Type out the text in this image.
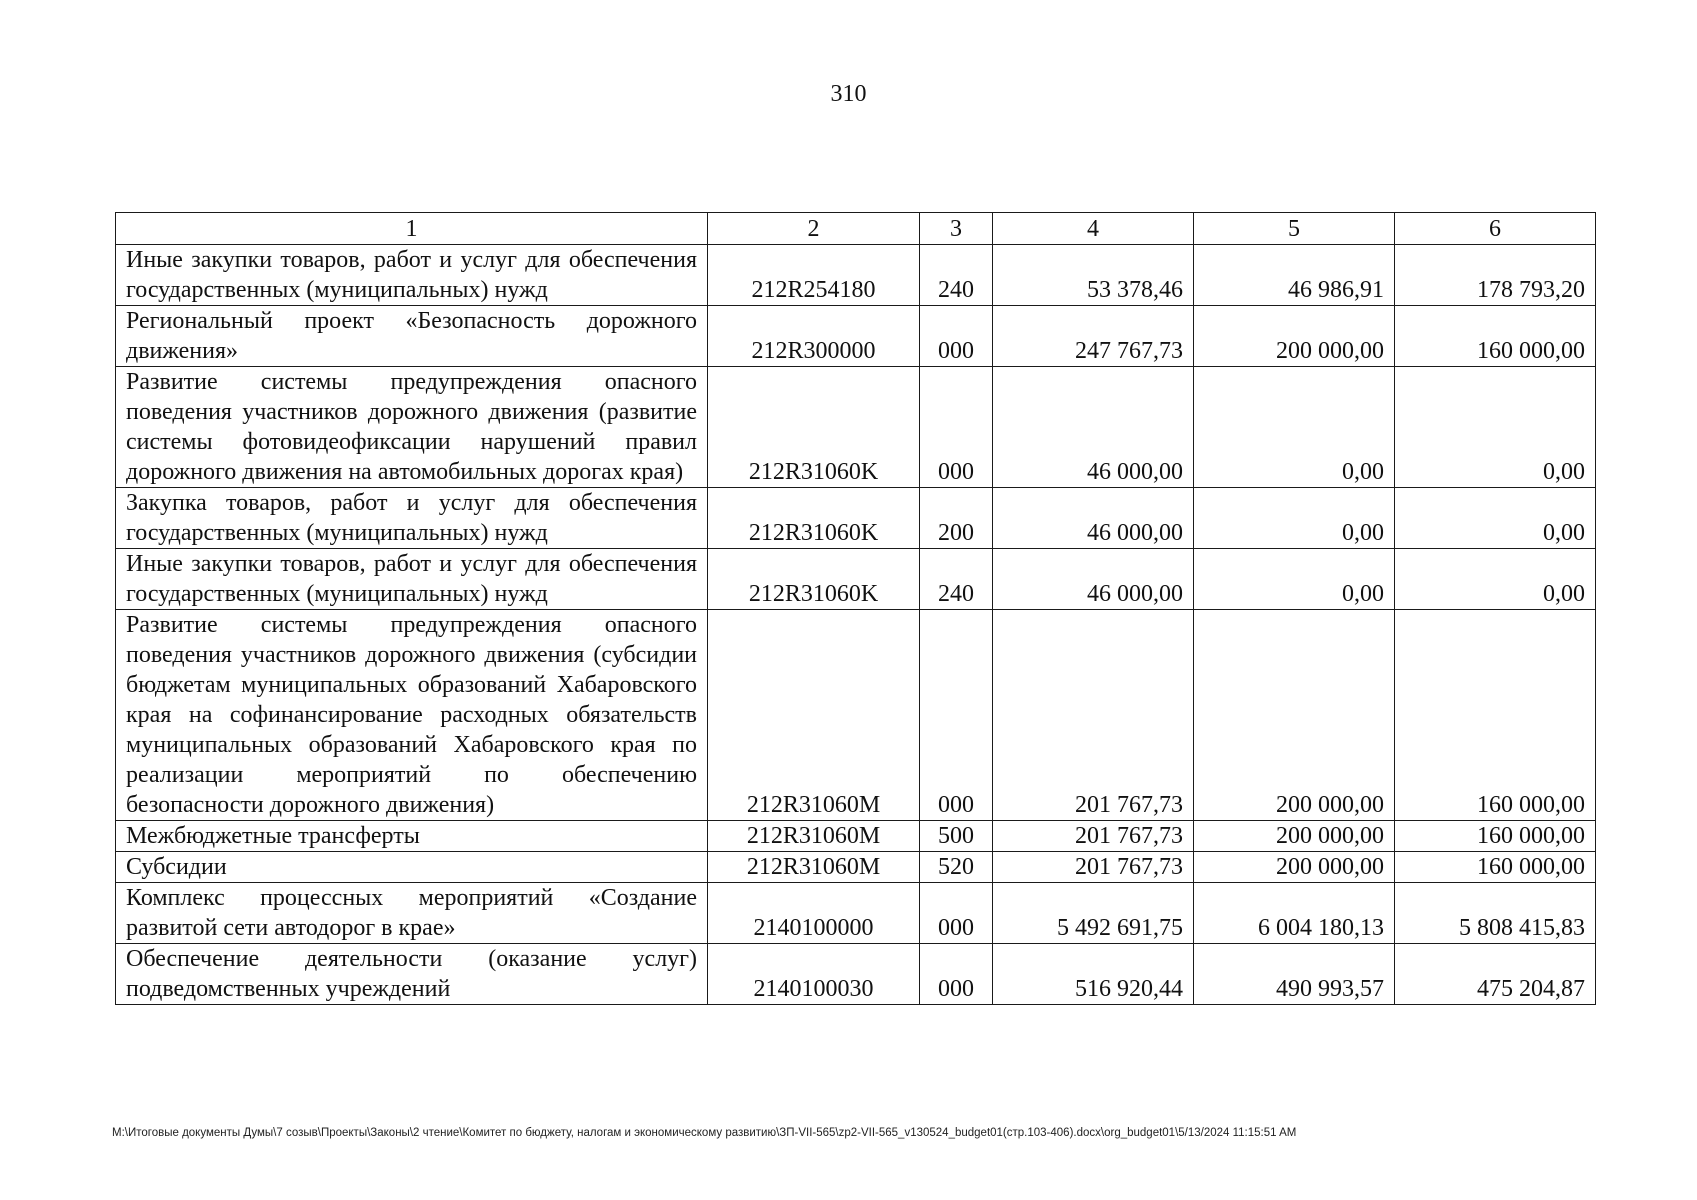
310
1	2	3	4	5	6
Иные закупки товаров, работ и услуг для обеспечения государственных (муниципальных) нужд	212R254180	240	53 378,46	46 986,91	178 793,20
Региональный проект «Безопасность дорожного движения»	212R300000	000	247 767,73	200 000,00	160 000,00
Развитие системы предупреждения опасного поведения участников дорожного движения (развитие системы фотовидеофиксации нарушений правил дорожного движения на автомобильных дорогах края)	212R31060K	000	46 000,00	0,00	0,00
Закупка товаров, работ и услуг для обеспечения государственных (муниципальных) нужд	212R31060K	200	46 000,00	0,00	0,00
Иные закупки товаров, работ и услуг для обеспечения государственных (муниципальных) нужд	212R31060K	240	46 000,00	0,00	0,00
Развитие системы предупреждения опасного поведения участников дорожного движения (субсидии бюджетам муниципальных образований Хабаровского края на софинансирование расходных обязательств муниципальных образований Хабаровского края по реализации мероприятий по обеспечению безопасности дорожного движения)	212R31060M	000	201 767,73	200 000,00	160 000,00
Межбюджетные трансферты	212R31060M	500	201 767,73	200 000,00	160 000,00
Субсидии	212R31060M	520	201 767,73	200 000,00	160 000,00
Комплекс процессных мероприятий «Создание развитой сети автодорог в крае»	2140100000	000	5 492 691,75	6 004 180,13	5 808 415,83
Обеспечение деятельности (оказание услуг) подведомственных учреждений	2140100030	000	516 920,44	490 993,57	475 204,87
M:\Итоговые документы Думы\7 созыв\Проекты\Законы\2 чтение\Комитет по бюджету, налогам и экономическому развитию\ЗП-VII-565\zp2-VII-565_v130524_budget01(стр.103-406).docx\org_budget01\5/13/2024 11:15:51 AM
